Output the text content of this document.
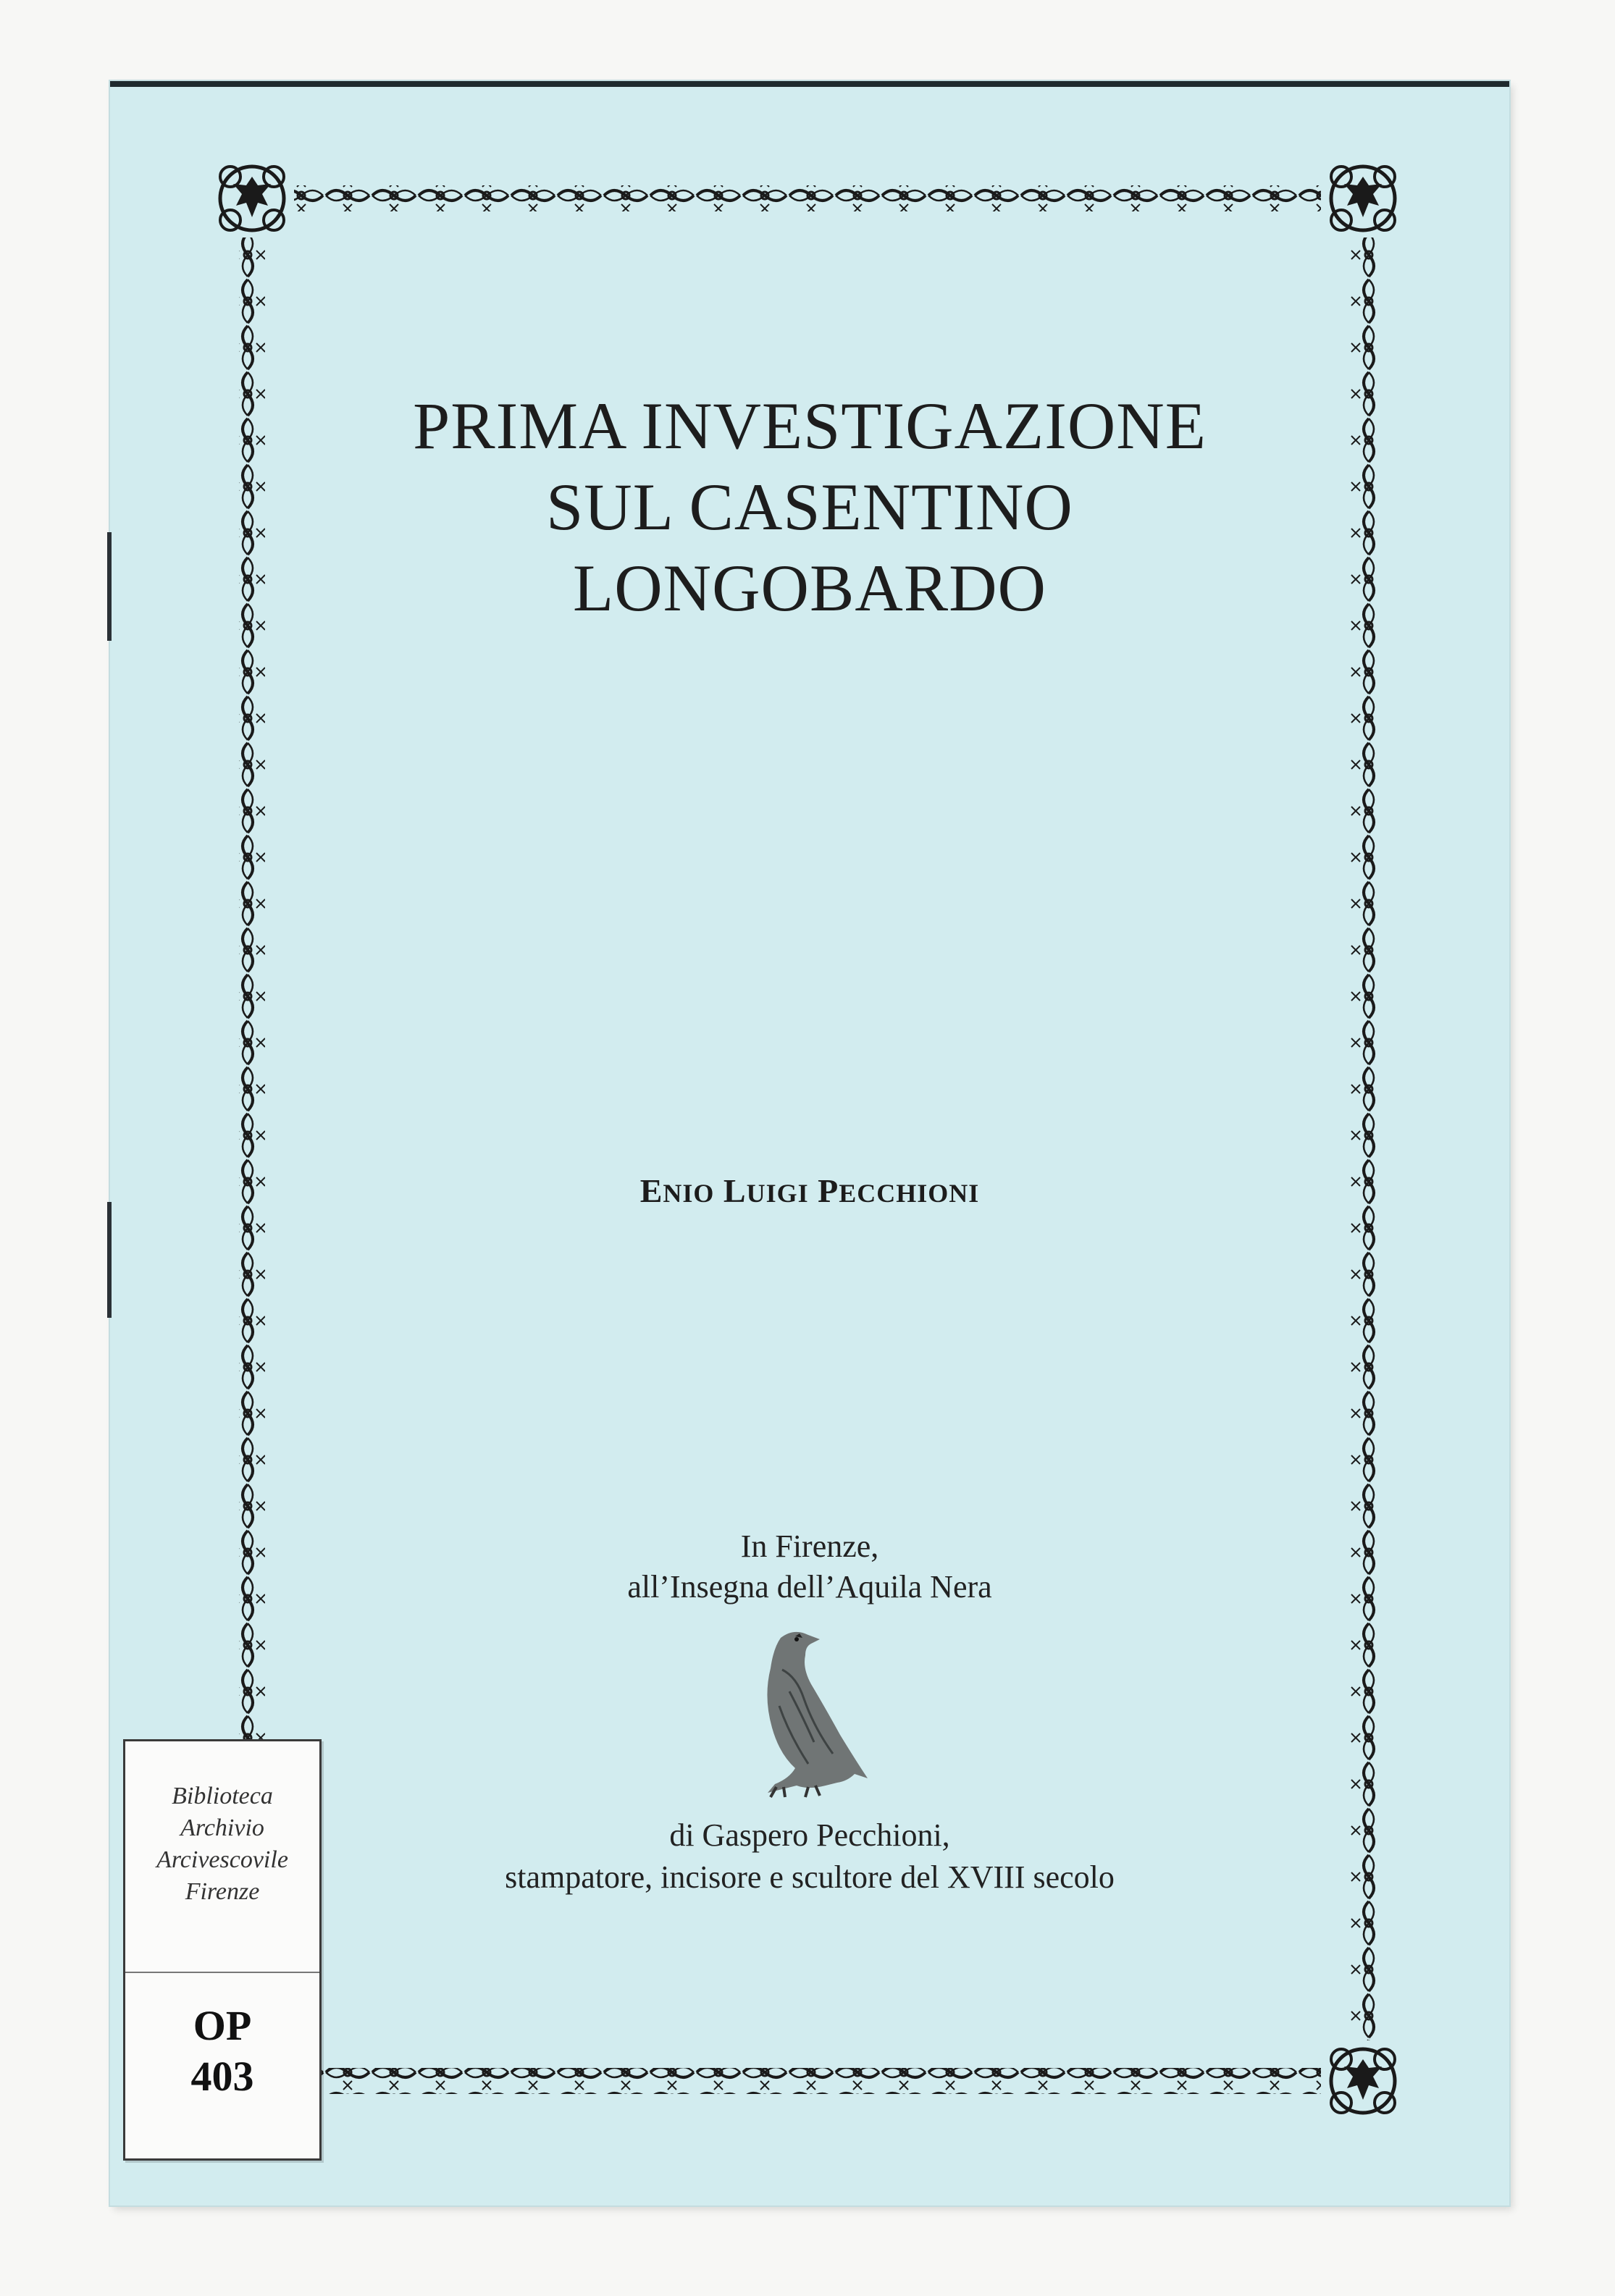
PRIMA INVESTIGAZIONE
SUL CASENTINO
LONGOBARDO
ENIO LUIGI PECCHIONI
In Firenze,
all’Insegna dell’Aquila Nera
di Gaspero Pecchioni,
stampatore, incisore e scultore del XVIII secolo
Biblioteca
Archivio
Arcivescovile
Firenze
OP
403
